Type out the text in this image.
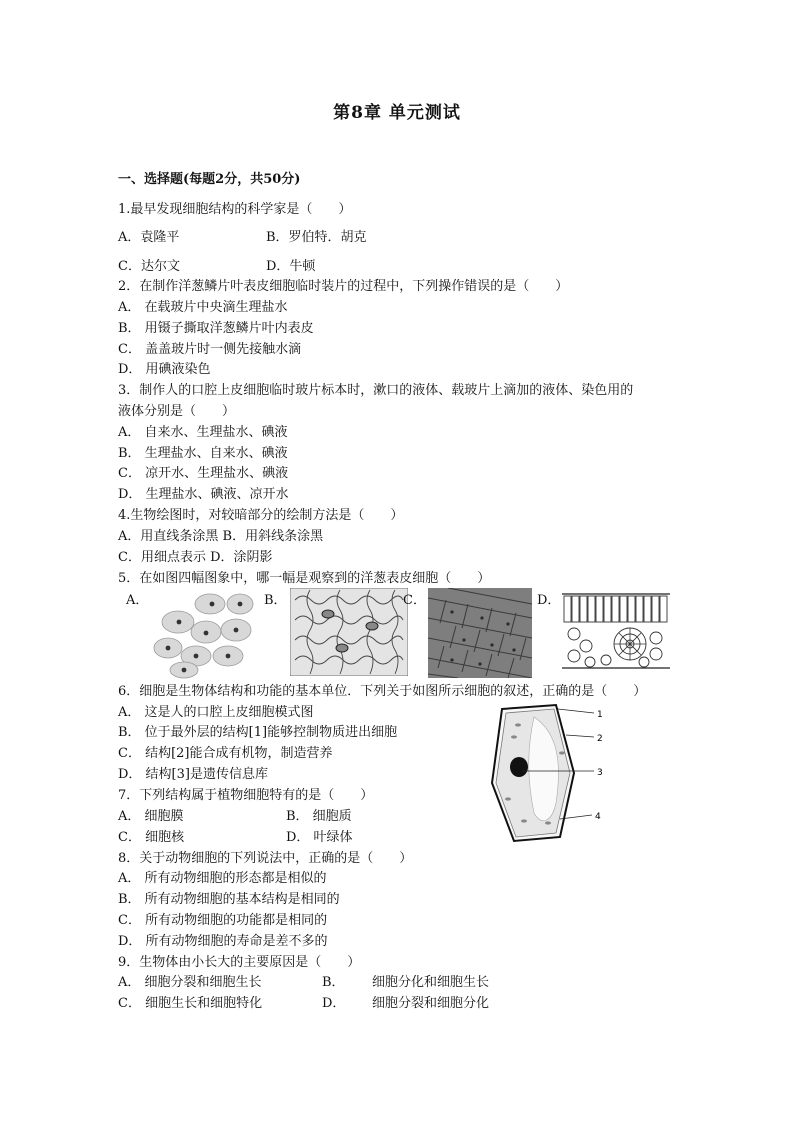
第8章 单元测试
一、选择题(每题2分，共50分)
1.最早发现细胞结构的科学家是（　　）
A．袁隆平	B．罗伯特．胡克
C．达尔文	D．牛顿
2．在制作洋葱鳞片叶表皮细胞临时装片的过程中，下列操作错误的是（　　）
A． 在载玻片中央滴生理盐水
B． 用镊子撕取洋葱鳞片叶内表皮
C． 盖盖玻片时一侧先接触水滴
D． 用碘液染色
3．制作人的口腔上皮细胞临时玻片标本时，漱口的液体、载玻片上滴加的液体、染色用的
液体分别是（　　）
A． 自来水、生理盐水、碘液
B． 生理盐水、自来水、碘液
C． 凉开水、生理盐水、碘液
D． 生理盐水、碘液、凉开水
4.生物绘图时，对较暗部分的绘制方法是（　　）
A．用直线条涂黑 B．用斜线条涂黑
C．用细点表示 D．涂阴影
5．在如图四幅图象中，哪一幅是观察到的洋葱表皮细胞（　　）
A．	B．	C．	D．
6．细胞是生物体结构和功能的基本单位．下列关于如图所示细胞的叙述，正确的是（　　）
A． 这是人的口腔上皮细胞模式图
B． 位于最外层的结构[1]能够控制物质进出细胞
C． 结构[2]能合成有机物，制造营养
D． 结构[3]是遗传信息库
1
2
3
4
7．下列结构属于植物细胞特有的是（　　）
A． 细胞膜	B． 细胞质
C． 细胞核	D． 叶绿体
8．关于动物细胞的下列说法中，正确的是（　　）
A． 所有动物细胞的形态都是相似的
B． 所有动物细胞的基本结构是相同的
C． 所有动物细胞的功能都是相同的
D． 所有动物细胞的寿命是差不多的
9．生物体由小长大的主要原因是（　　）
A． 细胞分裂和细胞生长	B． 细胞分化和细胞生长
C． 细胞生长和细胞特化	D． 细胞分裂和细胞分化
